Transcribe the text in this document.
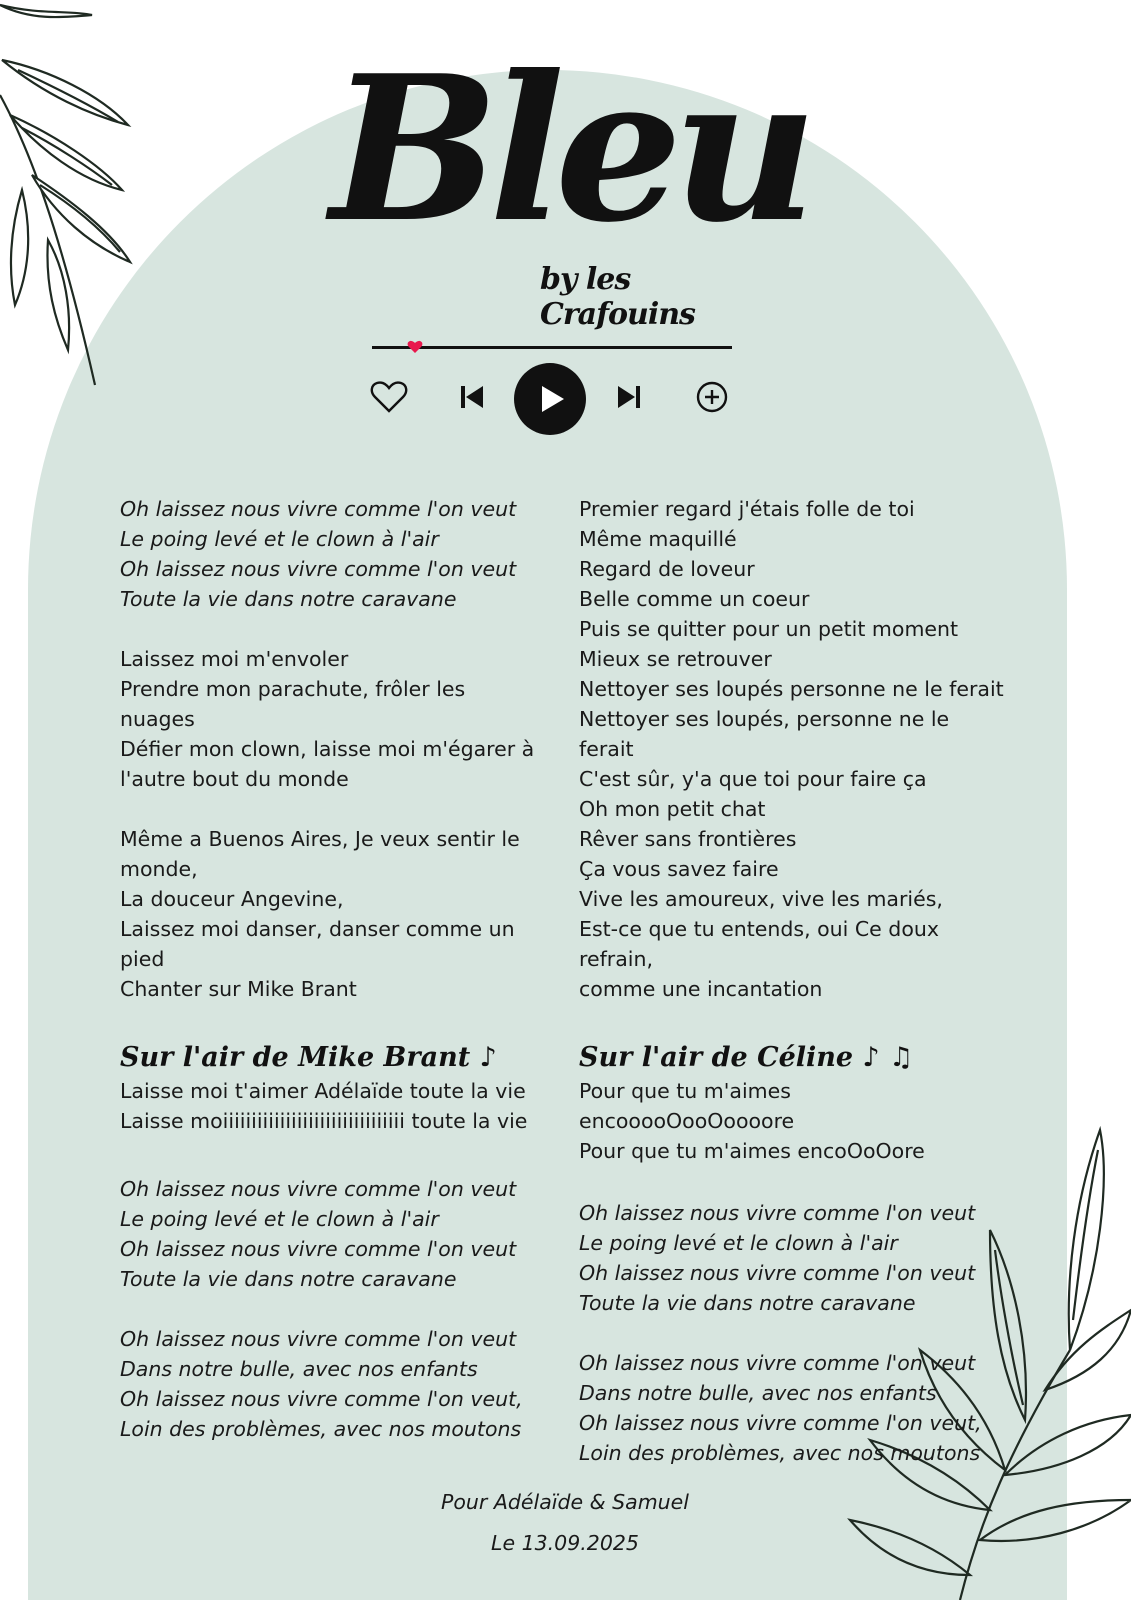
Bleu
by les Crafouins

Oh laissez nous vivre comme l'on veut

Le poing levé et le clown à l'air

Oh laissez nous vivre comme l'on veut

Toute la vie dans notre caravane

Laissez moi m'envoler

Prendre mon parachute, frôler les nuages

Défier mon clown, laisse moi m'égarer à

l'autre bout du monde

Même a Buenos Aires, Je veux sentir le

monde,

La douceur Angevine,

Laissez moi danser, danser comme un

pied

Chanter sur Mike Brant

Sur l'air de Mike Brant ♪

Laisse moi t'aimer Adélaïde toute la vie

Laisse moiiiiiiiiiiiiiiiiiiiiiiiiiiiiiiii toute la vie

Oh laissez nous vivre comme l'on veut

Le poing levé et le clown à l'air

Oh laissez nous vivre comme l'on veut

Toute la vie dans notre caravane

Oh laissez nous vivre comme l'on veut

Dans notre bulle, avec nos enfants

Oh laissez nous vivre comme l'on veut,

Loin des problèmes, avec nos moutons

Premier regard j'étais folle de toi

Même maquillé

Regard de loveur

Belle comme un coeur

Puis se quitter pour un petit moment

Mieux se retrouver

Nettoyer ses loupés personne ne le ferait

Nettoyer ses loupés, personne ne le ferait

C'est sûr, y'a que toi pour faire ça

Oh mon petit chat

Rêver sans frontières

Ça vous savez faire

Vive les amoureux, vive les mariés,

Est-ce que tu entends, oui Ce doux refrain,

comme une incantation

Sur l'air de Céline ♪ ♫

Pour que tu m'aimes encooooOooOoooore

Pour que tu m'aimes encoOoOore

Oh laissez nous vivre comme l'on veut

Le poing levé et le clown à l'air

Oh laissez nous vivre comme l'on veut

Toute la vie dans notre caravane

Oh laissez nous vivre comme l'on veut

Dans notre bulle, avec nos enfants

Oh laissez nous vivre comme l'on veut,

Loin des problèmes, avec nos moutons

Pour Adélaïde & Samuel
Le 13.09.2025
